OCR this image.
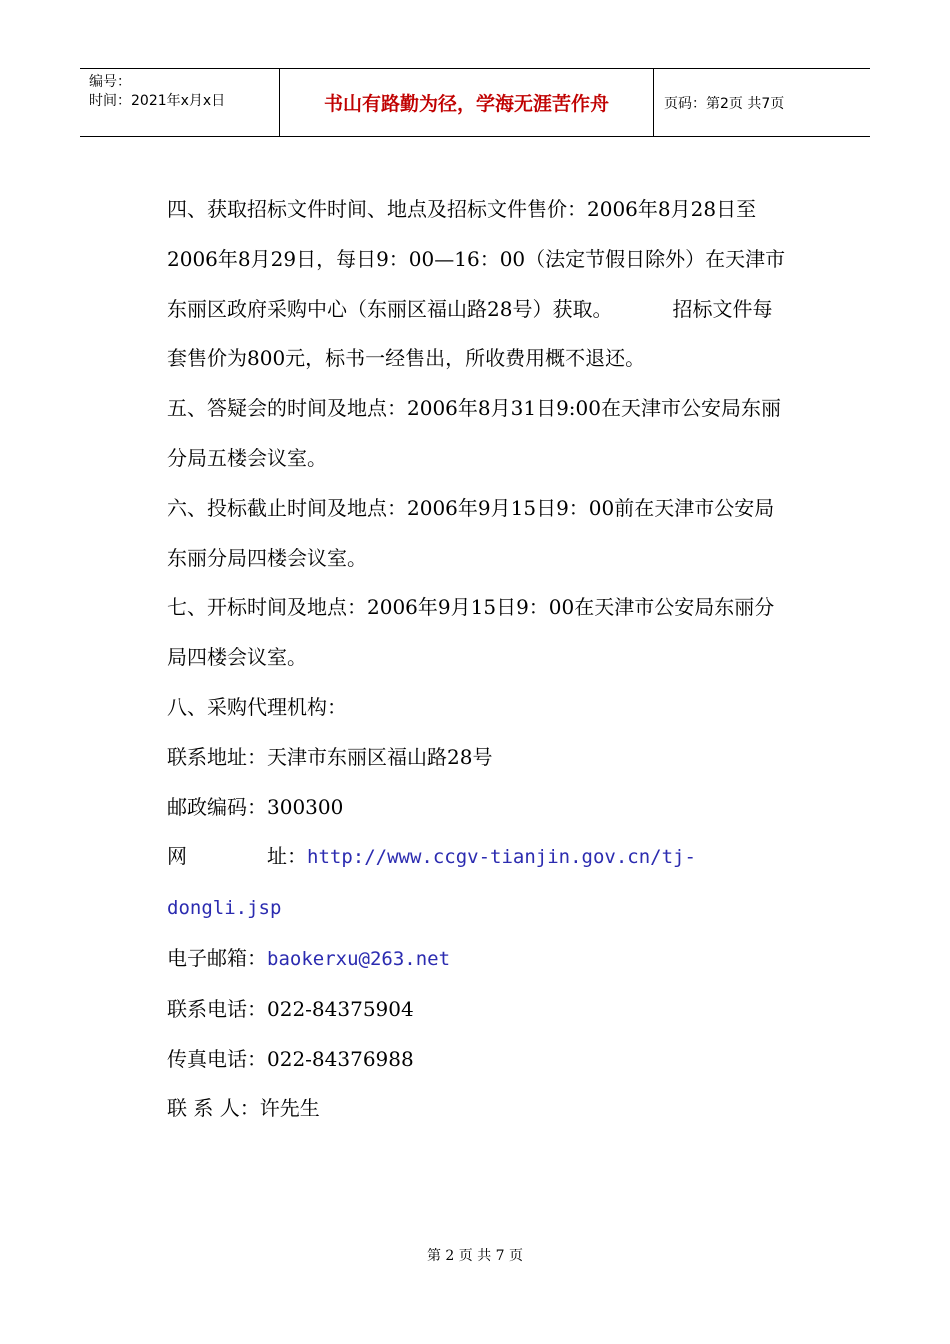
编号：
时间：2021年x月x日	书山有路勤为径，学海无涯苦作舟	页码：第2页 共7页

四、获取招标文件时间、地点及招标文件售价：2006年8月28日至2006年8月29日，每日9：00—16：00（法定节假日除外）在天津市东丽区政府采购中心（东丽区福山路28号）获取。	招标文件每套售价为800元，标书一经售出，所收费用概不退还。

五、答疑会的时间及地点：2006年8月31日9:00在天津市公安局东丽分局五楼会议室。

六、投标截止时间及地点：2006年9月15日9：00前在天津市公安局东丽分局四楼会议室。

七、开标时间及地点：2006年9月15日9：00在天津市公安局东丽分局四楼会议室。

八、采购代理机构：

联系地址：天津市东丽区福山路28号

邮政编码：300300

网	址：http://www.ccgv-tianjin.gov.cn/tj-
dongli.jsp

电子邮箱：baokerxu@263.net

联系电话：022-84375904

传真电话：022-84376988

联 系 人：许先生

第 2 页 共 7 页
